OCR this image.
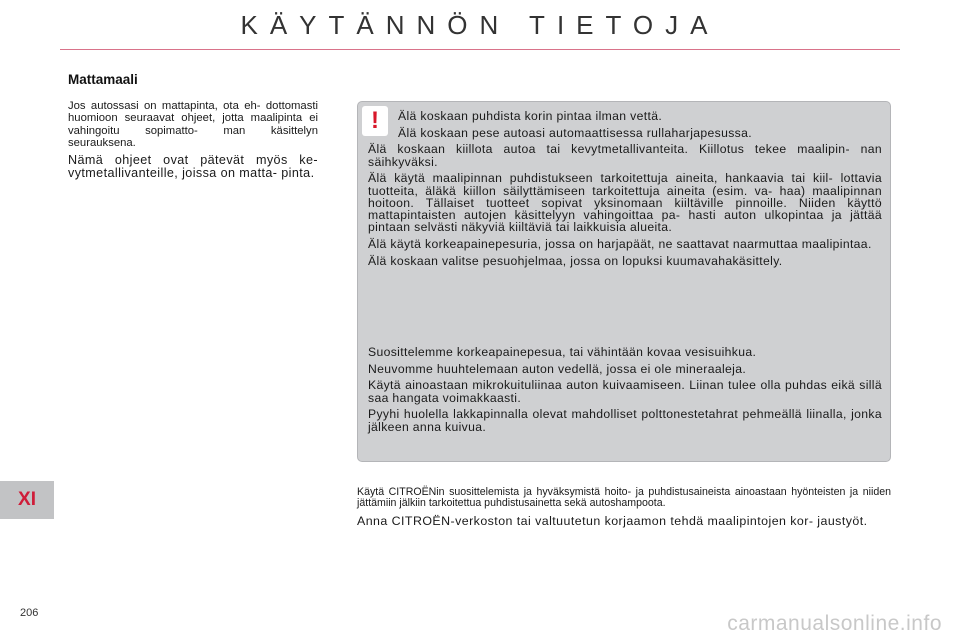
KÄYTÄNNÖN TIETOJA
Mattamaali

Jos autossasi on mattapinta, ota eh- dottomasti huomioon seuraavat ohjeet, jotta maalipinta ei vahingoitu sopimatto- man käsittelyn seurauksena.

Nämä ohjeet ovat pätevät myös ke- vytmetallivanteille, joissa on matta- pinta.

!	Älä koskaan puhdista korin pintaa ilman vettä.

Älä koskaan pese autoasi automaattisessa rullaharjapesussa.

Älä koskaan kiillota autoa tai kevytmetallivanteita. Kiillotus tekee maalipin- nan säihkyväksi.

Älä käytä maalipinnan puhdistukseen tarkoitettuja aineita, hankaavia tai kiil- lottavia tuotteita, äläkä kiillon säilyttämiseen tarkoitettuja aineita (esim. va- haa) maalipinnan hoitoon. Tällaiset tuotteet sopivat yksinomaan kiiltäville pinnoille. Niiden käyttö mattapintaisten autojen käsittelyyn vahingoittaa pa- hasti auton ulkopintaa ja jättää pintaan selvästi näkyviä kiiltäviä tai laikkuisia alueita.

Älä käytä korkeapainepesuria, jossa on harjapäät, ne saattavat naarmuttaa maalipintaa.

Älä koskaan valitse pesuohjelmaa, jossa on lopuksi kuumavahakäsittely.

Suosittelemme korkeapainepesua, tai vähintään kovaa vesisuihkua.

Neuvomme huuhtelemaan auton vedellä, jossa ei ole mineraaleja.

Käytä ainoastaan mikrokuituliinaa auton kuivaamiseen. Liinan tulee olla puhdas eikä sillä saa hangata voimakkaasti.

Pyyhi huolella lakkapinnalla olevat mahdolliset polttonestetahrat pehmeällä liinalla, jonka jälkeen anna kuivua.

Käytä CITROËNin suosittelemista ja hyväksymistä hoito- ja puhdistusaineista ainoastaan hyönteisten ja niiden jättämiin jälkiin tarkoitettua puhdistusainetta sekä autoshampoota.

Anna CITROËN-verkoston tai valtuutetun korjaamon tehdä maalipintojen kor- jaustyöt.

XI
206	carmanualsonline.info
